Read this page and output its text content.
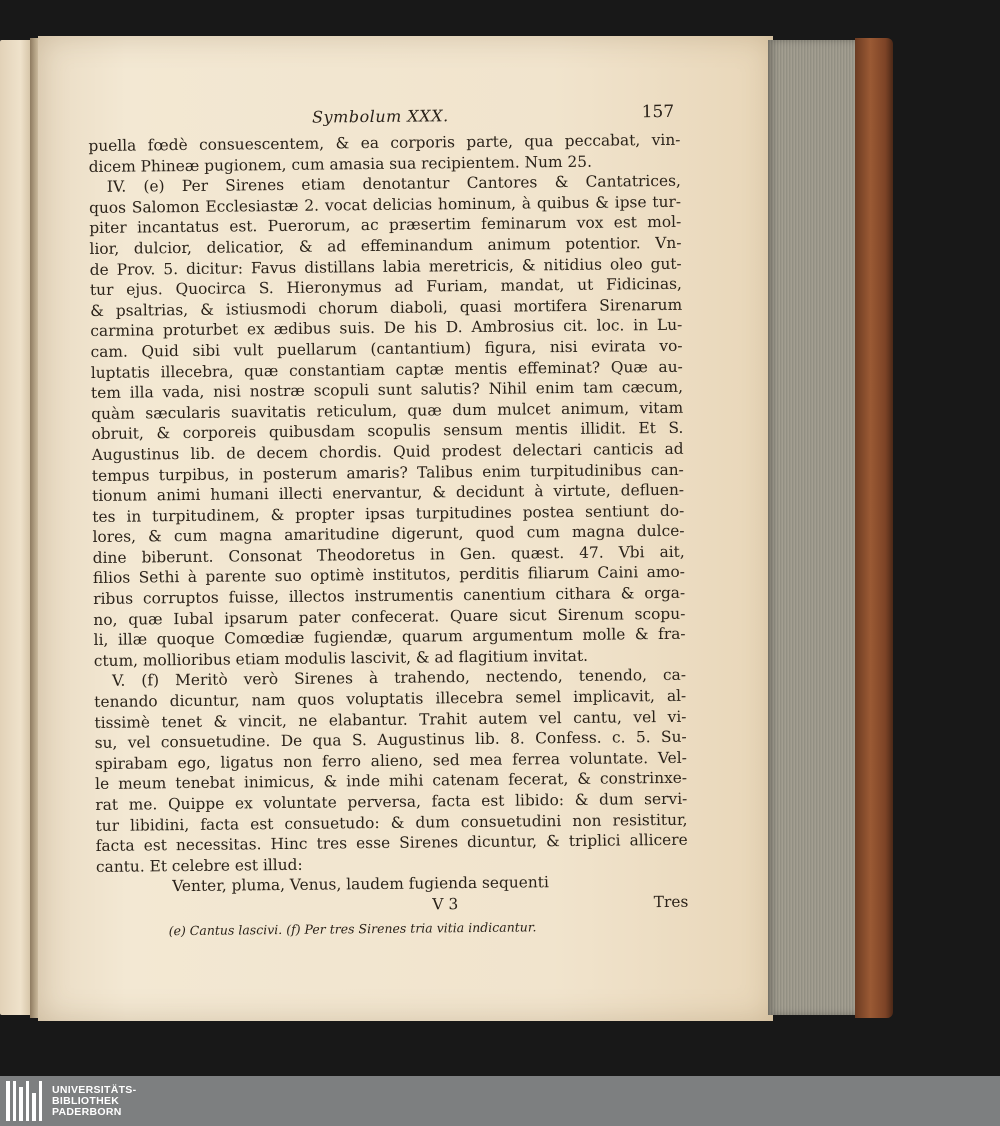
Symbolum XXX.	157
puella fœdè consuescentem, & ea corporis parte, qua peccabat, vin-
dicem Phineæ pugionem, cum amasia sua recipientem. Num 25.
IV. (e) Per Sirenes etiam denotantur Cantores & Cantatrices,
quos Salomon Ecclesiastæ 2. vocat delicias hominum, à quibus & ipse tur-
piter incantatus est. Puerorum, ac præsertim feminarum vox est mol-
lior, dulcior, delicatior, & ad effeminandum animum potentior. Vn-
de Prov. 5. dicitur: Favus distillans labia meretricis, & nitidius oleo gut-
tur ejus. Quocirca S. Hieronymus ad Furiam, mandat, ut Fidicinas,
& psaltrias, & istiusmodi chorum diaboli, quasi mortifera Sirenarum
carmina proturbet ex ædibus suis. De his D. Ambrosius cit. loc. in Lu-
cam. Quid sibi vult puellarum (cantantium) figura, nisi evirata vo-
luptatis illecebra, quæ constantiam captæ mentis effeminat? Quæ au-
tem illa vada, nisi nostræ scopuli sunt salutis? Nihil enim tam cæcum,
quàm sæcularis suavitatis reticulum, quæ dum mulcet animum, vitam
obruit, & corporeis quibusdam scopulis sensum mentis illidit. Et S.
Augustinus lib. de decem chordis. Quid prodest delectari canticis ad
tempus turpibus, in posterum amaris? Talibus enim turpitudinibus can-
tionum animi humani illecti enervantur, & decidunt à virtute, defluen-
tes in turpitudinem, & propter ipsas turpitudines postea sentiunt do-
lores, & cum magna amaritudine digerunt, quod cum magna dulce-
dine biberunt. Consonat Theodoretus in Gen. quæst. 47. Vbi ait,
filios Sethi à parente suo optimè institutos, perditis filiarum Caini amo-
ribus corruptos fuisse, illectos instrumentis canentium cithara & orga-
no, quæ Iubal ipsarum pater confecerat. Quare sicut Sirenum scopu-
li, illæ quoque Comœdiæ fugiendæ, quarum argumentum molle & fra-
ctum, mollioribus etiam modulis lascivit, & ad flagitium invitat.
V. (f) Meritò verò Sirenes à trahendo, nectendo, tenendo, ca-
tenando dicuntur, nam quos voluptatis illecebra semel implicavit, al-
tissimè tenet & vincit, ne elabantur. Trahit autem vel cantu, vel vi-
su, vel consuetudine. De qua S. Augustinus lib. 8. Confess. c. 5. Su-
spirabam ego, ligatus non ferro alieno, sed mea ferrea voluntate. Vel-
le meum tenebat inimicus, & inde mihi catenam fecerat, & constrinxe-
rat me. Quippe ex voluntate perversa, facta est libido: & dum servi-
tur libidini, facta est consuetudo: & dum consuetudini non resistitur,
facta est necessitas. Hinc tres esse Sirenes dicuntur, & triplici allicere
cantu. Et celebre est illud:
Venter, pluma, Venus, laudem fugienda sequenti
V 3	Tres
(e) Cantus lascivi. (f) Per tres Sirenes tria vitia indicantur.
UNIVERSITÄTS-
BIBLIOTHEK
PADERBORN
